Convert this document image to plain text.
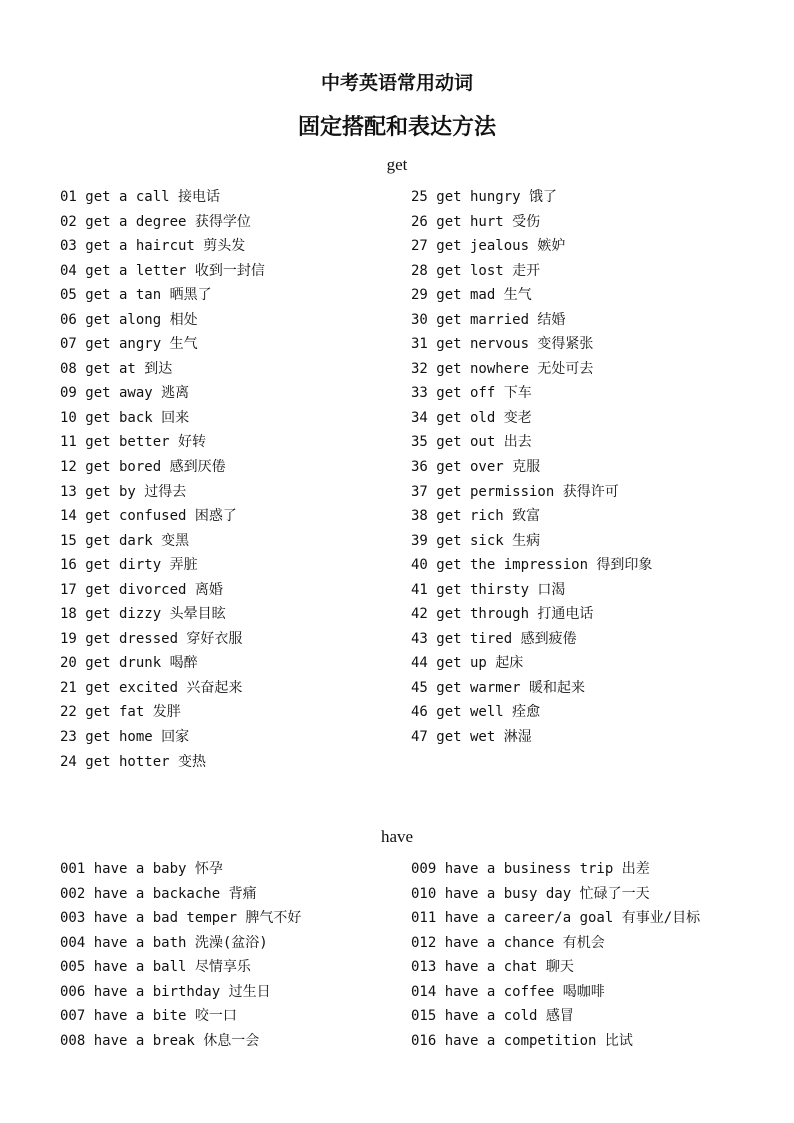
中考英语常用动词
固定搭配和表达方法
get
01 get a call 接电话
02 get a degree 获得学位
03 get a haircut 剪头发
04 get a letter 收到一封信
05 get a tan 晒黑了
06 get along 相处
07 get angry 生气
08 get at 到达
09 get away 逃离
10 get back 回来
11 get better 好转
12 get bored 感到厌倦
13 get by 过得去
14 get confused 困惑了
15 get dark 变黑
16 get dirty 弄脏
17 get divorced 离婚
18 get dizzy 头晕目眩
19 get dressed 穿好衣服
20 get drunk 喝醉
21 get excited 兴奋起来
22 get fat 发胖
23 get home 回家
24 get hotter 变热
25 get hungry 饿了
26 get hurt 受伤
27 get jealous 嫉妒
28 get lost 走开
29 get mad 生气
30 get married 结婚
31 get nervous 变得紧张
32 get nowhere 无处可去
33 get off 下车
34 get old 变老
35 get out 出去
36 get over 克服
37 get permission 获得许可
38 get rich 致富
39 get sick 生病
40 get the impression 得到印象
41 get thirsty 口渴
42 get through 打通电话
43 get tired 感到疲倦
44 get up 起床
45 get warmer 暖和起来
46 get well 痊愈
47 get wet 淋湿
have
001 have a baby 怀孕
002 have a backache 背痛
003 have a bad temper 脾气不好
004 have a bath 洗澡(盆浴)
005 have a ball 尽情享乐
006 have a birthday 过生日
007 have a bite 咬一口
008 have a break 休息一会
009 have a business trip 出差
010 have a busy day 忙碌了一天
011 have a career/a goal 有事业/目标
012 have a chance 有机会
013 have a chat 聊天
014 have a coffee 喝咖啡
015 have a cold 感冒
016 have a competition 比试
